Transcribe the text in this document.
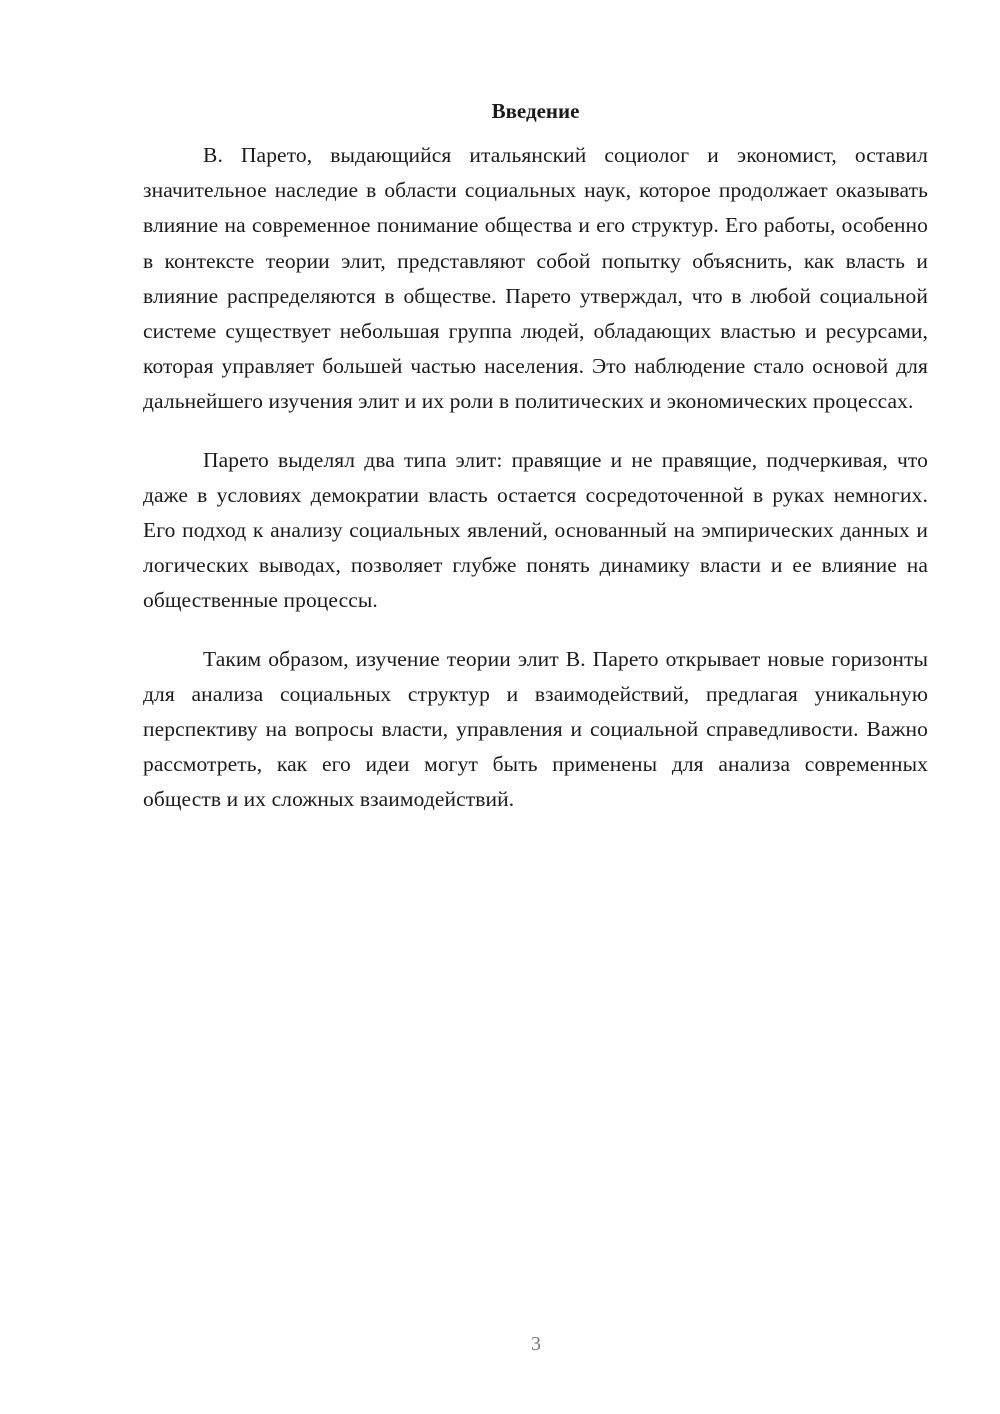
Введение

В. Парето, выдающийся итальянский социолог и экономист, оставил значительное наследие в области социальных наук, которое продолжает оказывать влияние на современное понимание общества и его структур. Его работы, особенно в контексте теории элит, представляют собой попытку объяснить, как власть и влияние распределяются в обществе. Парето утверждал, что в любой социальной системе существует небольшая группа людей, обладающих властью и ресурсами, которая управляет большей частью населения. Это наблюдение стало основой для дальнейшего изучения элит и их роли в политических и экономических процессах.

Парето выделял два типа элит: правящие и не правящие, подчеркивая, что даже в условиях демократии власть остается сосредоточенной в руках немногих. Его подход к анализу социальных явлений, основанный на эмпирических данных и логических выводах, позволяет глубже понять динамику власти и ее влияние на общественные процессы.

Таким образом, изучение теории элит В. Парето открывает новые горизонты для анализа социальных структур и взаимодействий, предлагая уникальную перспективу на вопросы власти, управления и социальной справедливости. Важно рассмотреть, как его идеи могут быть применены для анализа современных обществ и их сложных взаимодействий.

3
